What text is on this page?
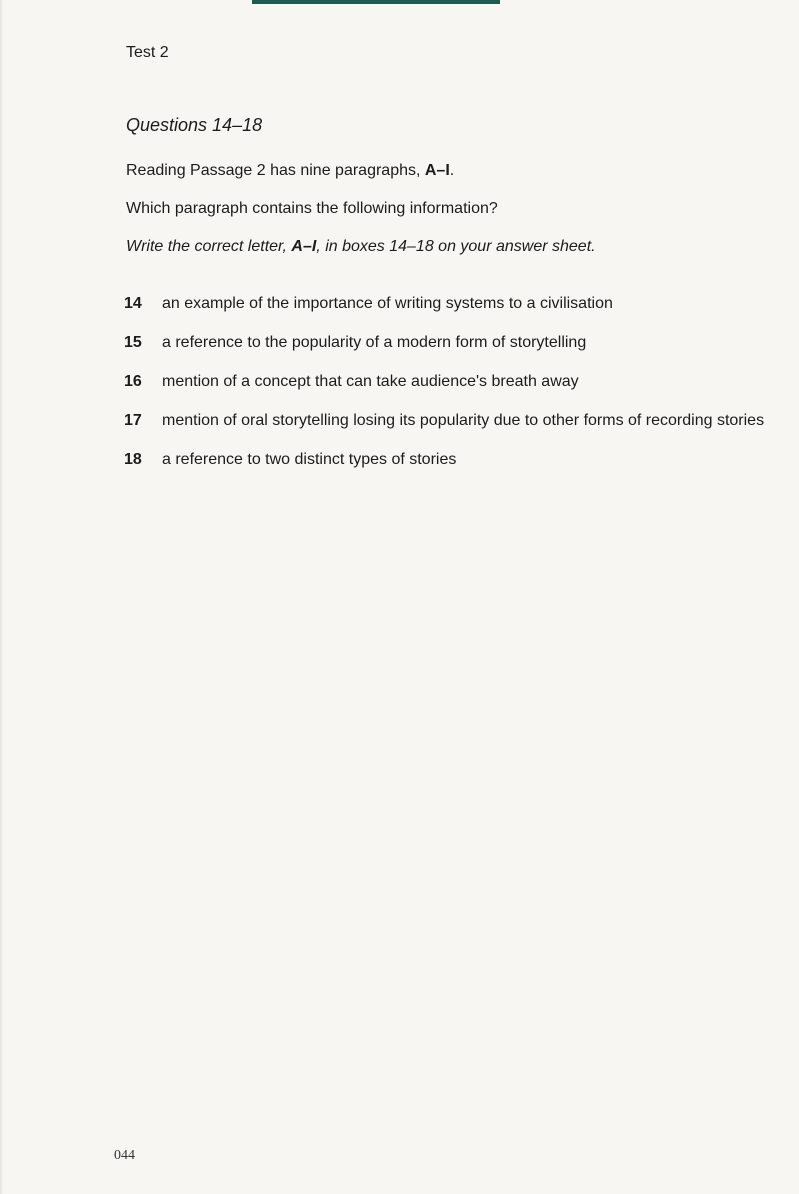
Test 2
Questions 14–18
Reading Passage 2 has nine paragraphs, A–I.
Which paragraph contains the following information?
Write the correct letter, A–I, in boxes 14–18 on your answer sheet.
14	an example of the importance of writing systems to a civilisation
15	a reference to the popularity of a modern form of storytelling
16	mention of a concept that can take audience's breath away
17	mention of oral storytelling losing its popularity due to other forms of recording stories
18	a reference to two distinct types of stories
044
